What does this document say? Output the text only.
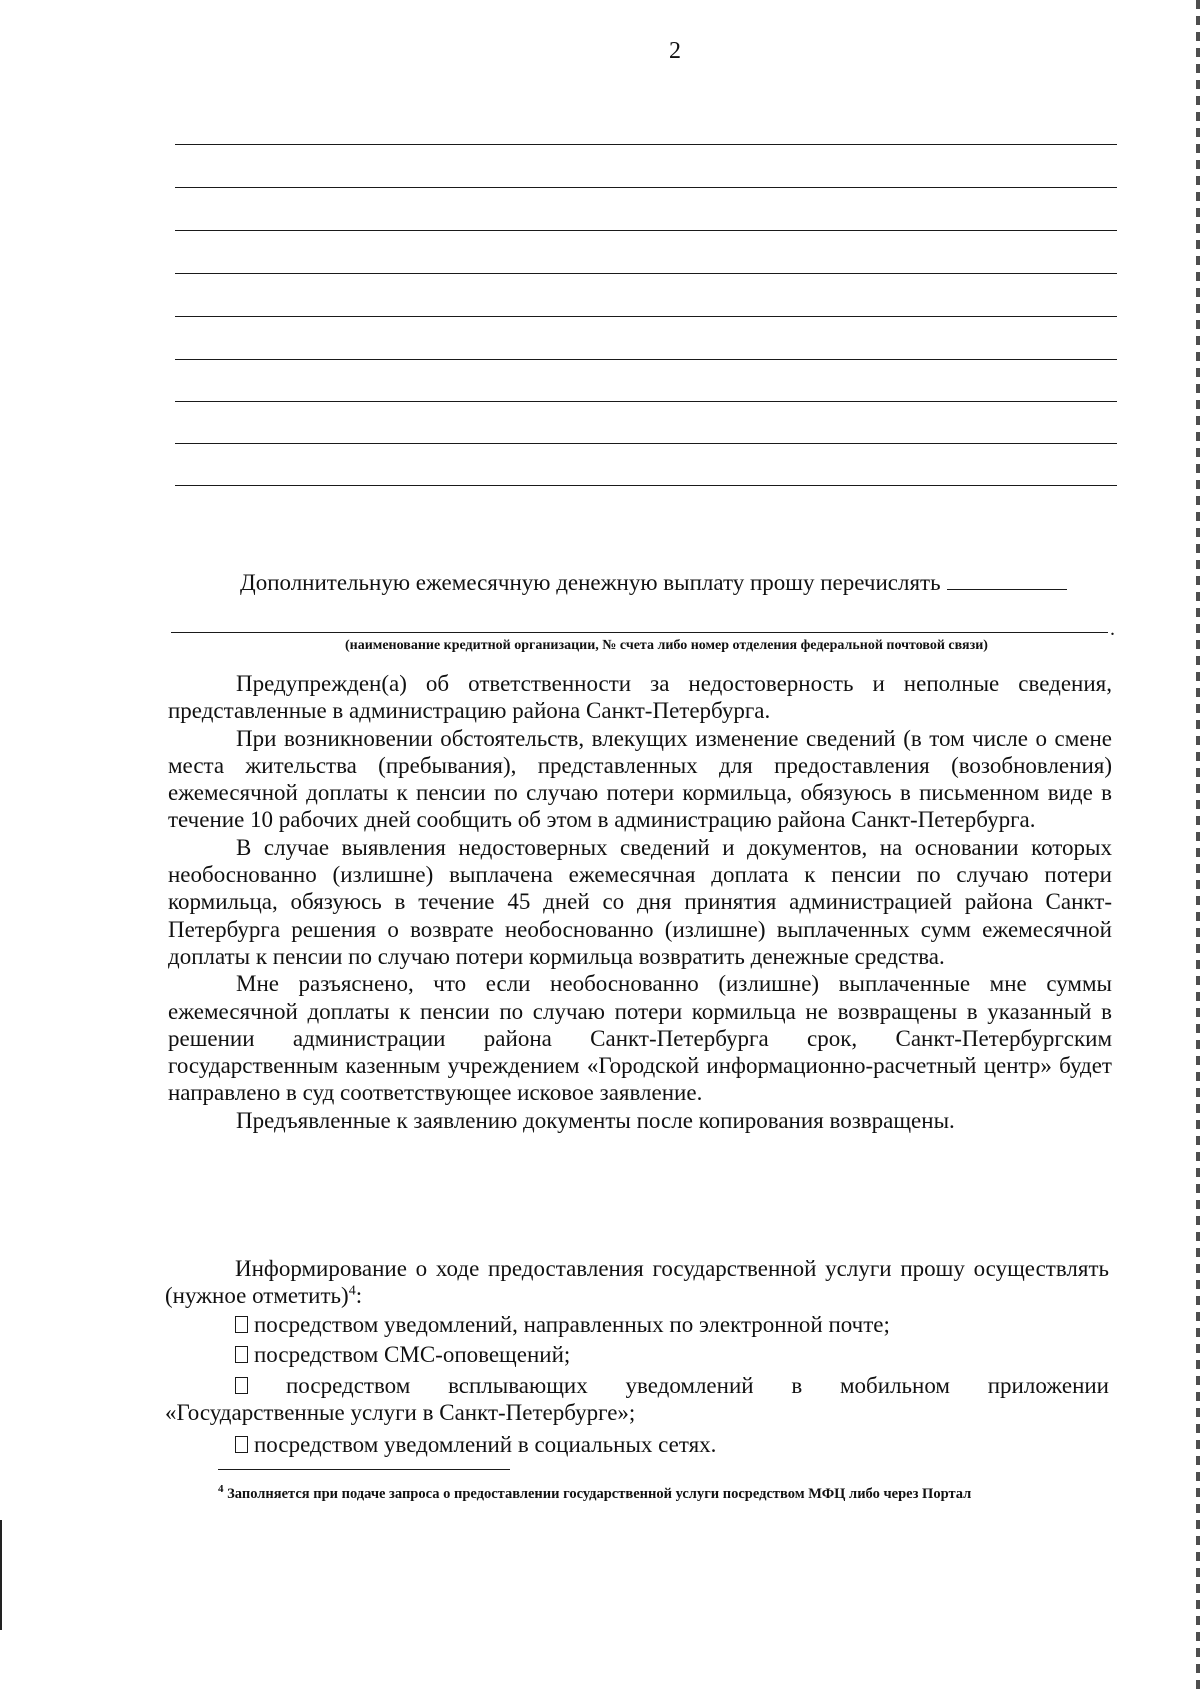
2
Дополнительную ежемесячную денежную выплату прошу перечислять
.
(наименование кредитной организации, № счета либо номер отделения федеральной почтовой связи)

Предупрежден(а) об ответственности за недостоверность и неполные сведения, представленные в администрацию района Санкт-Петербурга.

При возникновении обстоятельств, влекущих изменение сведений (в том числе о смене места жительства (пребывания), представленных для предоставления (возобновления) ежемесячной доплаты к пенсии по случаю потери кормильца, обязуюсь в письменном виде в течение 10 рабочих дней сообщить об этом в администрацию района Санкт-Петербурга.

В случае выявления недостоверных сведений и документов, на основании которых необоснованно (излишне) выплачена ежемесячная доплата к пенсии по случаю потери кормильца, обязуюсь в течение 45 дней со дня принятия администрацией района Санкт-Петербурга решения о возврате необоснованно (излишне) выплаченных сумм ежемесячной доплаты к пенсии по случаю потери кормильца возвратить денежные средства.

Мне разъяснено, что если необоснованно (излишне) выплаченные мне суммы ежемесячной доплаты к пенсии по случаю потери кормильца не возвращены в указанный в решении администрации района Санкт-Петербурга срок, Санкт-Петербургским государственным казенным учреждением «Городской информационно-расчетный центр» будет направлено в суд соответствующее исковое заявление.

Предъявленные к заявлению документы после копирования возвращены.

Информирование о ходе предоставления государственной услуги прошу осуществлять (нужное отметить)$^4$:

посредством уведомлений, направленных по электронной почте;

посредством СМС-оповещений;

посредством всплывающих уведомлений в мобильном приложении «Государственные услуги в Санкт-Петербурге»;

посредством уведомлений в социальных сетях.

$^4$ Заполняется при подаче запроса о предоставлении государственной услуги посредством МФЦ либо через Портал
